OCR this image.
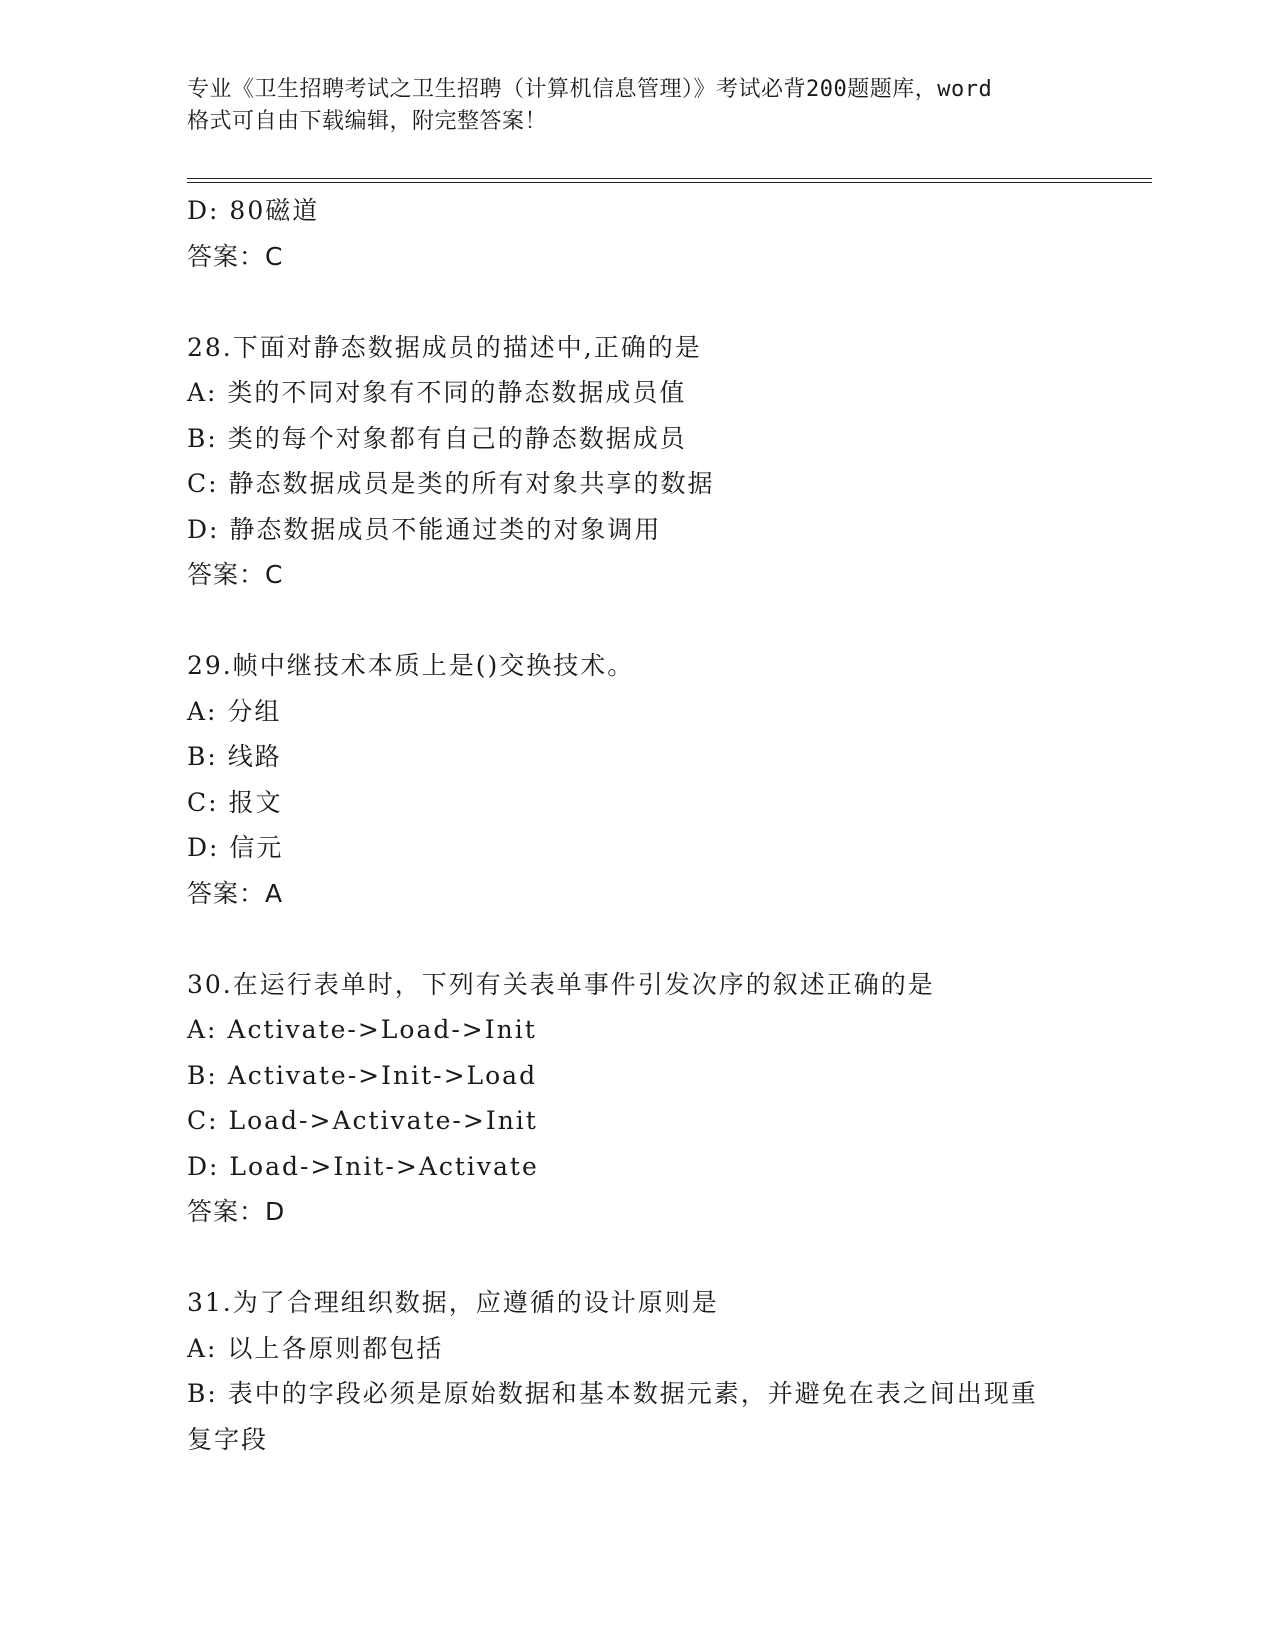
专业《卫生招聘考试之卫生招聘（计算机信息管理）》考试必背200题题库，word
格式可自由下载编辑，附完整答案！
D: 80磁道
答案：C
28.下面对静态数据成员的描述中,正确的是
A: 类的不同对象有不同的静态数据成员值
B: 类的每个对象都有自己的静态数据成员
C: 静态数据成员是类的所有对象共享的数据
D: 静态数据成员不能通过类的对象调用
答案：C
29.帧中继技术本质上是()交换技术。
A: 分组
B: 线路
C: 报文
D: 信元
答案：A
30.在运行表单时，下列有关表单事件引发次序的叙述正确的是
A: Activate->Load->Init
B: Activate->Init->Load
C: Load->Activate->Init
D: Load->Init->Activate
答案：D
31.为了合理组织数据，应遵循的设计原则是
A: 以上各原则都包括
B: 表中的字段必须是原始数据和基本数据元素，并避免在表之间出现重复字段
